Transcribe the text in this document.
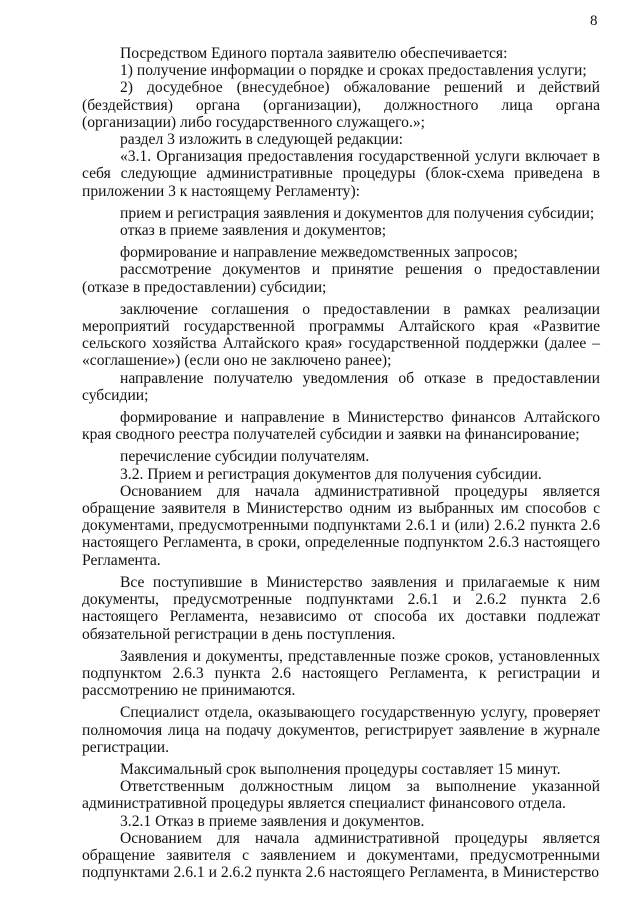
8

Посредством Единого портала заявителю обеспечивается:

1) получение информации о порядке и сроках предоставления услуги;

2) досудебное (внесудебное) обжалование решений и действий (бездействия) органа (организации), должностного лица органа (организации) либо государственного служащего.»;

раздел 3 изложить в следующей редакции:

«3.1. Организация предоставления государственной услуги включает в себя следующие административные процедуры (блок-схема приведена в приложении 3 к настоящему Регламенту):

прием и регистрация заявления и документов для получения субсидии;

отказ в приеме заявления и документов;

формирование и направление межведомственных запросов;

рассмотрение документов и принятие решения о предоставлении (отказе в предоставлении) субсидии;

заключение соглашения о предоставлении в рамках реализации мероприятий государственной программы Алтайского края «Развитие сельского хозяйства Алтайского края» государственной поддержки (далее – «соглашение») (если оно не заключено ранее);

направление получателю уведомления об отказе в предоставлении субсидии;

формирование и направление в Министерство финансов Алтайского края сводного реестра получателей субсидии и заявки на финансирование;

перечисление субсидии получателям.

3.2. Прием и регистрация документов для получения субсидии.

Основанием для начала административной процедуры является обращение заявителя в Министерство одним из выбранных им способов с документами, предусмотренными подпунктами 2.6.1 и (или) 2.6.2 пункта 2.6 настоящего Регламента, в сроки, определенные подпунктом 2.6.3 настоящего Регламента.

Все поступившие в Министерство заявления и прилагаемые к ним документы, предусмотренные подпунктами 2.6.1 и 2.6.2 пункта 2.6 настоящего Регламента, независимо от способа их доставки подлежат обязательной регистрации в день поступления.

Заявления и документы, представленные позже сроков, установленных подпунктом 2.6.3 пункта 2.6 настоящего Регламента, к регистрации и рассмотрению не принимаются.

Специалист отдела, оказывающего государственную услугу, проверяет полномочия лица на подачу документов, регистрирует заявление в журнале регистрации.

Максимальный срок выполнения процедуры составляет 15 минут.

Ответственным должностным лицом за выполнение указанной административной процедуры является специалист финансового отдела.

3.2.1 Отказ в приеме заявления и документов.

Основанием для начала административной процедуры является обращение заявителя с заявлением и документами, предусмотренными подпунктами 2.6.1 и 2.6.2 пункта 2.6 настоящего Регламента, в Министерство
